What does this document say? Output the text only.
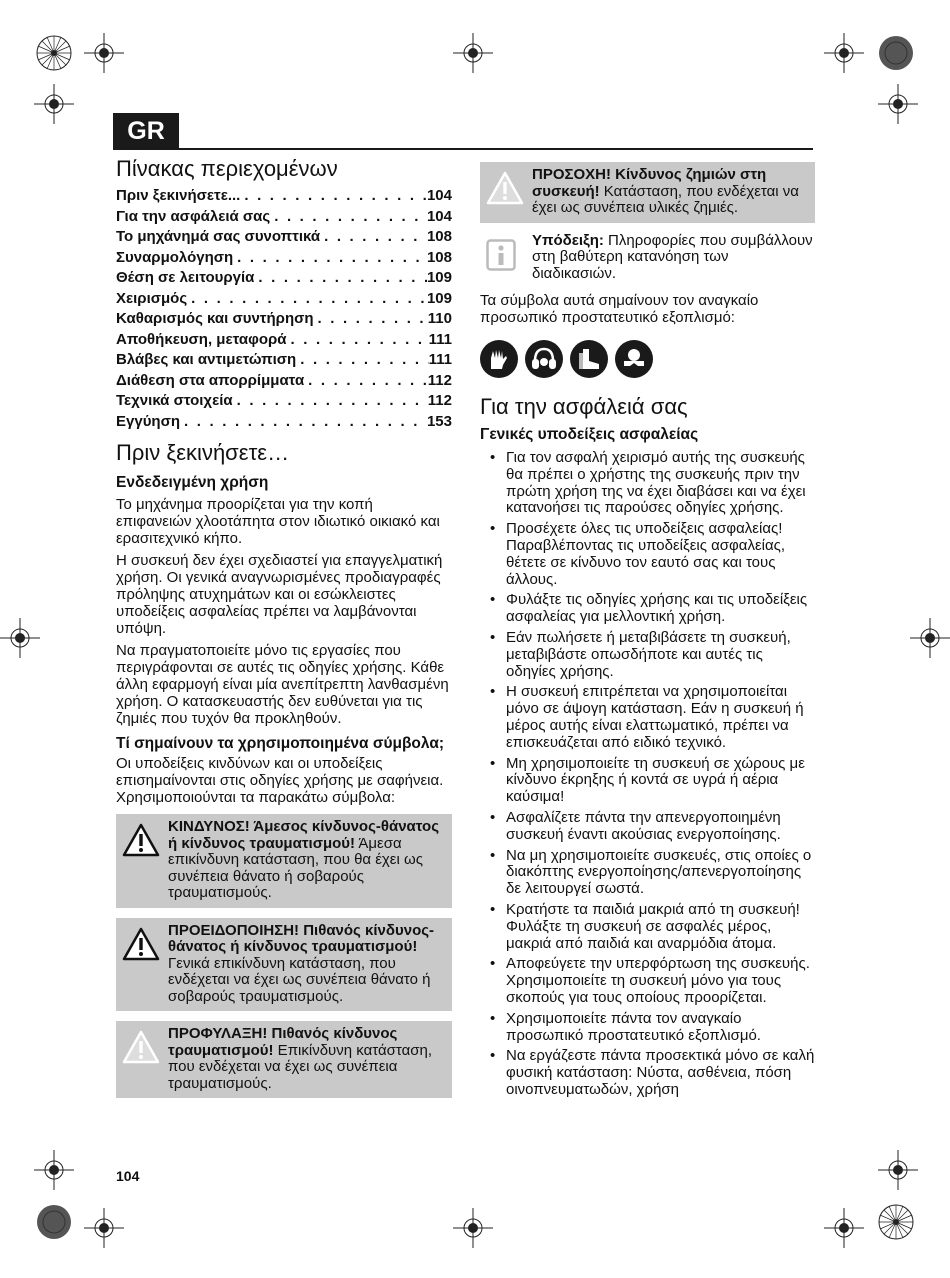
GR
Πίνακας περιεχομένων
Πριν ξεκινήσετε... . . .	104
Για την ασφάλειά σας . . .	104
Το μηχάνημά σας συνοπτικά . . .	108
Συναρμολόγηση . . .	108
Θέση σε λειτουργία . . .	109
Χειρισμός . . .	109
Καθαρισμός και συντήρηση . . .	110
Αποθήκευση, μεταφορά . . .	111
Βλάβες και αντιμετώπιση . . .	111
Διάθεση στα απορρίμματα . . .	112
Τεχνικά στοιχεία . . .	112
Εγγύηση . . .	153
Πριν ξεκινήσετε…
Ενδεδειγμένη χρήση

Το μηχάνημα προορίζεται για την κοπή επιφανειών χλοοτάπητα στον ιδιωτικό οικιακό και ερασιτεχνικό κήπο.

Η συσκευή δεν έχει σχεδιαστεί για επαγγελματική χρήση. Οι γενικά αναγνωρισμένες προδιαγραφές πρόληψης ατυχημάτων και οι εσώκλειστες υποδείξεις ασφαλείας πρέπει να λαμβάνονται υπόψη.

Να πραγματοποιείτε μόνο τις εργασίες που περιγράφονται σε αυτές τις οδηγίες χρήσης. Κάθε άλλη εφαρμογή είναι μία ανεπίτρεπτη λανθασμένη χρήση. Ο κατασκευαστής δεν ευθύνεται για τις ζημιές που τυχόν θα προκληθούν.

Τί σημαίνουν τα χρησιμοποιημένα σύμβολα;

Οι υποδείξεις κινδύνων και οι υποδείξεις επισημαίνονται στις οδηγίες χρήσης με σαφήνεια. Χρησιμοποιούνται τα παρακάτω σύμβολα:

ΚΙΝΔΥΝΟΣ! Άμεσος κίνδυνος-θάνατος ή κίνδυνος τραυματισμού! Άμεσα επικίνδυνη κατάσταση, που θα έχει ως συνέπεια θάνατο ή σοβαρούς τραυματισμούς.
ΠΡΟΕΙΔΟΠΟΙΗΣΗ! Πιθανός κίνδυνος-θάνατος ή κίνδυνος τραυματισμού! Γενικά επικίνδυνη κατάσταση, που ενδέχεται να έχει ως συνέπεια θάνατο ή σοβαρούς τραυματισμούς.
ΠΡΟΦΥΛΑΞΗ! Πιθανός κίνδυνος τραυματισμού! Επικίνδυνη κατάσταση, που ενδέχεται να έχει ως συνέπεια τραυματισμούς.
ΠΡΟΣΟΧΗ! Κίνδυνος ζημιών στη συσκευή! Κατάσταση, που ενδέχεται να έχει ως συνέπεια υλικές ζημιές.
Υπόδειξη: Πληροφορίες που συμβάλλουν στη βαθύτερη κατανόηση των διαδικασιών.

Τα σύμβολα αυτά σημαίνουν τον αναγκαίο προσωπικό προστατευτικό εξοπλισμό:

Για την ασφάλειά σας
Γενικές υποδείξεις ασφαλείας
• Για τον ασφαλή χειρισμό αυτής της συσκευής θα πρέπει ο χρήστης της συσκευής πριν την πρώτη χρήση της να έχει διαβάσει και να έχει κατανοήσει τις παρούσες οδηγίες χρήσης.
• Προσέχετε όλες τις υποδείξεις ασφαλείας! Παραβλέποντας τις υποδείξεις ασφαλείας, θέτετε σε κίνδυνο τον εαυτό σας και τους άλλους.
• Φυλάξτε τις οδηγίες χρήσης και τις υποδείξεις ασφαλείας για μελλοντική χρήση.
• Εάν πωλήσετε ή μεταβιβάσετε τη συσκευή, μεταβιβάστε οπωσδήποτε και αυτές τις οδηγίες χρήσης.
• Η συσκευή επιτρέπεται να χρησιμοποιείται μόνο σε άψογη κατάσταση. Εάν η συσκευή ή μέρος αυτής είναι ελαττωματικό, πρέπει να επισκευάζεται από ειδικό τεχνικό.
• Μη χρησιμοποιείτε τη συσκευή σε χώρους με κίνδυνο έκρηξης ή κοντά σε υγρά ή αέρια καύσιμα!
• Ασφαλίζετε πάντα την απενεργοποιημένη συσκευή έναντι ακούσιας ενεργοποίησης.
• Να μη χρησιμοποιείτε συσκευές, στις οποίες ο διακόπτης ενεργοποίησης/απενεργοποίησης δε λειτουργεί σωστά.
• Κρατήστε τα παιδιά μακριά από τη συσκευή! Φυλάξτε τη συσκευή σε ασφαλές μέρος, μακριά από παιδιά και αναρμόδια άτομα.
• Αποφεύγετε την υπερφόρτωση της συσκευής. Χρησιμοποιείτε τη συσκευή μόνο για τους σκοπούς για τους οποίους προορίζεται.
• Χρησιμοποιείτε πάντα τον αναγκαίο προσωπικό προστατευτικό εξοπλισμό.
• Να εργάζεστε πάντα προσεκτικά μόνο σε καλή φυσική κατάσταση: Νύστα, ασθένεια, πόση οινοπνευματωδών, χρήση
104
